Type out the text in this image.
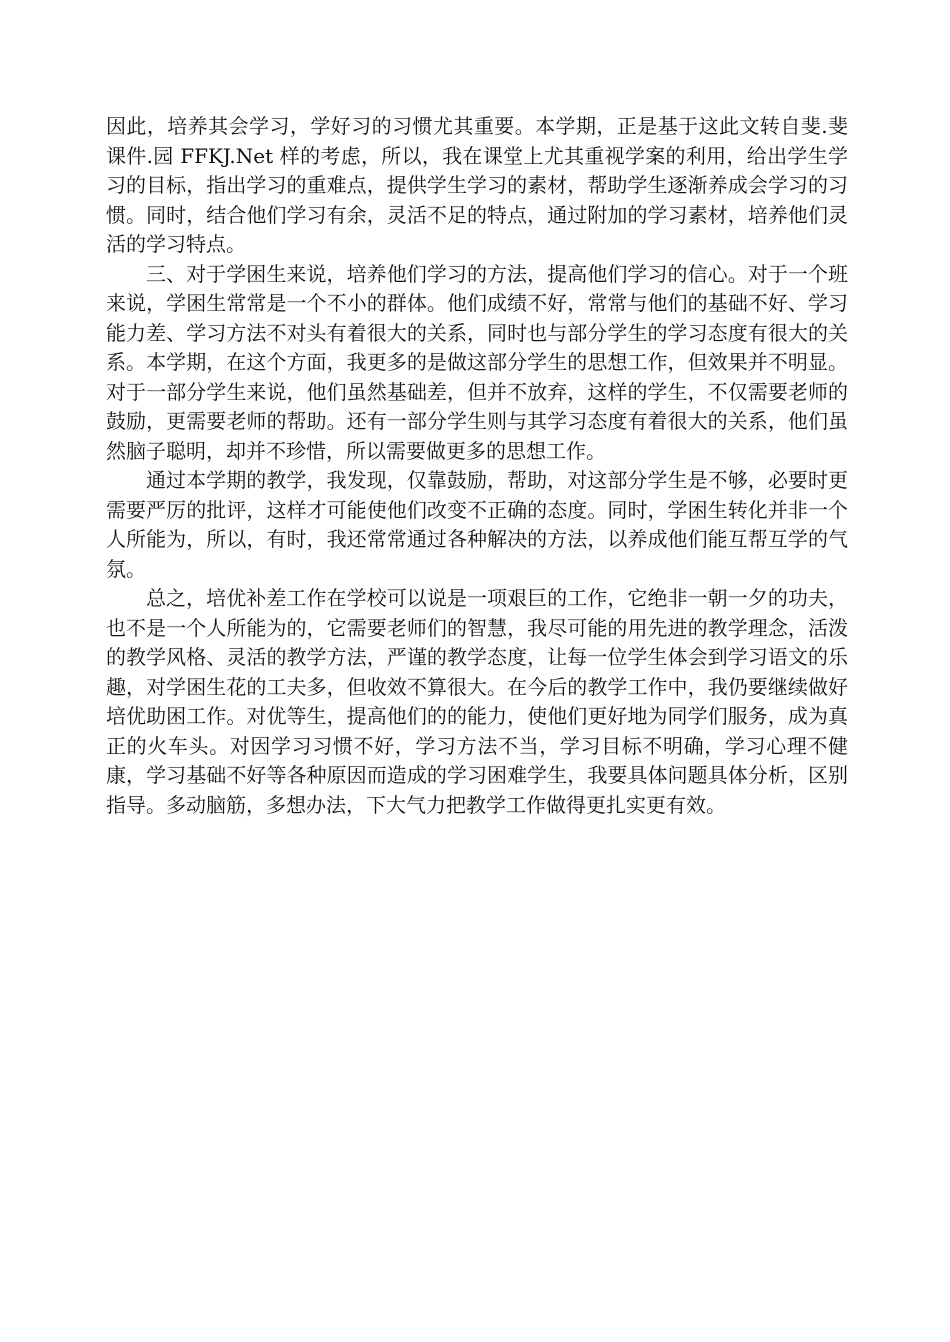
因此，培养其会学习，学好习的习惯尤其重要。本学期，正是基于这此文转自斐.斐课件.园 FFKJ.Net 样的考虑，所以，我在课堂上尤其重视学案的利用，给出学生学习的目标，指出学习的重难点，提供学生学习的素材，帮助学生逐渐养成会学习的习惯。同时，结合他们学习有余，灵活不足的特点，通过附加的学习素材，培养他们灵活的学习特点。

三、对于学困生来说，培养他们学习的方法，提高他们学习的信心。对于一个班来说，学困生常常是一个不小的群体。他们成绩不好，常常与他们的基础不好、学习能力差、学习方法不对头有着很大的关系，同时也与部分学生的学习态度有很大的关系。本学期，在这个方面，我更多的是做这部分学生的思想工作，但效果并不明显。对于一部分学生来说，他们虽然基础差，但并不放弃，这样的学生，不仅需要老师的鼓励，更需要老师的帮助。还有一部分学生则与其学习态度有着很大的关系，他们虽然脑子聪明，却并不珍惜，所以需要做更多的思想工作。

通过本学期的教学，我发现，仅靠鼓励，帮助，对这部分学生是不够，必要时更需要严厉的批评，这样才可能使他们改变不正确的态度。同时，学困生转化并非一个人所能为，所以，有时，我还常常通过各种解决的方法，以养成他们能互帮互学的气氛。

总之，培优补差工作在学校可以说是一项艰巨的工作，它绝非一朝一夕的功夫，也不是一个人所能为的，它需要老师们的智慧，我尽可能的用先进的教学理念，活泼的教学风格、灵活的教学方法，严谨的教学态度，让每一位学生体会到学习语文的乐趣，对学困生花的工夫多，但收效不算很大。在今后的教学工作中，我仍要继续做好培优助困工作。对优等生，提高他们的的能力，使他们更好地为同学们服务，成为真正的火车头。对因学习习惯不好，学习方法不当，学习目标不明确，学习心理不健康，学习基础不好等各种原因而造成的学习困难学生，我要具体问题具体分析，区别指导。多动脑筋，多想办法，下大气力把教学工作做得更扎实更有效。
